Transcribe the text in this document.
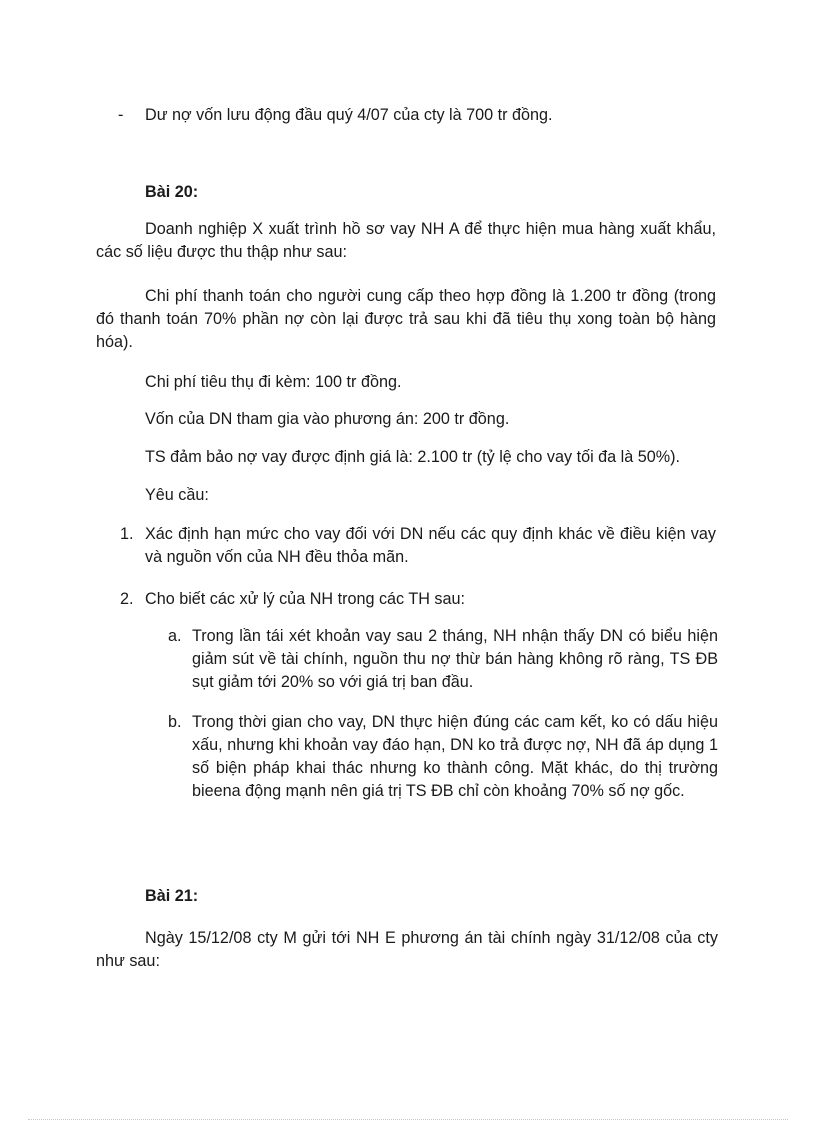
- Dư nợ vốn lưu động đầu quý 4/07 của cty là 700 tr đồng.

Bài 20:

Doanh nghiệp X xuất trình hồ sơ vay NH A để thực hiện mua hàng xuất khẩu, các số liệu được thu thập như sau:

Chi phí thanh toán cho người cung cấp theo hợp đồng là 1.200 tr đồng (trong đó thanh toán 70% phần nợ còn lại được trả sau khi đã tiêu thụ xong toàn bộ hàng hóa).

Chi phí tiêu thụ đi kèm: 100 tr đồng.

Vốn của DN tham gia vào phương án: 200 tr đồng.

TS đảm bảo nợ vay được định giá là: 2.100 tr (tỷ lệ cho vay tối đa là 50%).

Yêu cầu:

1. Xác định hạn mức cho vay đối với DN nếu các quy định khác về điều kiện vay và nguồn vốn của NH đều thỏa mãn.

2. Cho biết các xử lý của NH trong các TH sau:

a. Trong lần tái xét khoản vay sau 2 tháng, NH nhận thấy DN có biểu hiện giảm sút về tài chính, nguồn thu nợ thừ bán hàng không rõ ràng, TS ĐB sụt giảm tới 20% so với giá trị ban đầu.

b. Trong thời gian cho vay, DN thực hiện đúng các cam kết, ko có dấu hiệu xấu, nhưng khi khoản vay đáo hạn, DN ko trả được nợ, NH đã áp dụng 1 số biện pháp khai thác nhưng ko thành công. Mặt khác, do thị trường bieena động mạnh nên giá trị TS ĐB chỉ còn khoảng 70% số nợ gốc.

Bài 21:

Ngày 15/12/08 cty M gửi tới NH E phương án tài chính ngày 31/12/08 của cty như sau:
